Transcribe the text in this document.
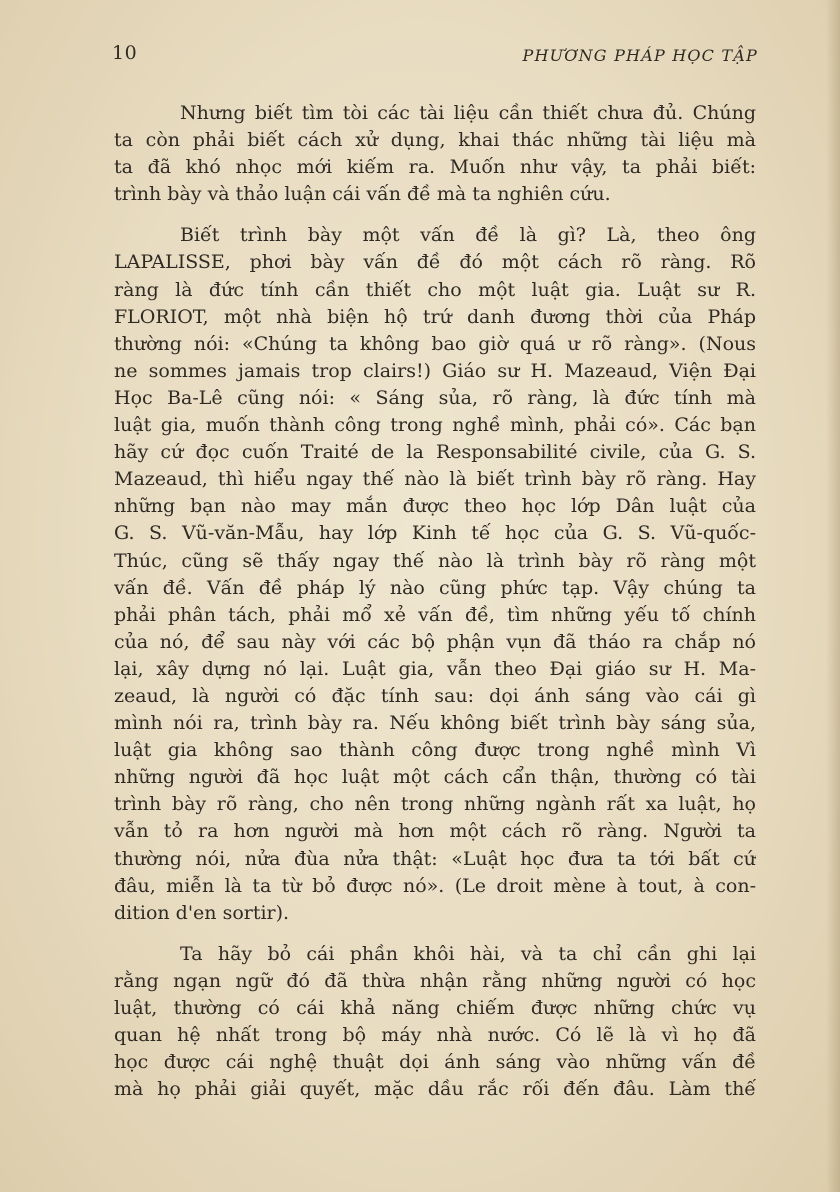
10	PHƯƠNG PHÁP HỌC TẬP
Nhưng biết tìm tòi các tài liệu cần thiết chưa đủ. Chúng
ta còn phải biết cách xử dụng, khai thác những tài liệu mà
ta đã khó nhọc mới kiếm ra. Muốn như vậy, ta phải biết:
trình bày và thảo luận cái vấn đề mà ta nghiên cứu.
Biết trình bày một vấn đề là gì? Là, theo ông
LAPALISSE, phơi bày vấn đề đó một cách rõ ràng. Rõ
ràng là đức tính cần thiết cho một luật gia. Luật sư R.
FLORIOT, một nhà biện hộ trứ danh đương thời của Pháp
thường nói: «Chúng ta không bao giờ quá ư rõ ràng». (Nous
ne sommes jamais trop clairs!) Giáo sư H. Mazeaud, Viện Đại
Học Ba-Lê cũng nói: « Sáng sủa, rõ ràng, là đức tính mà
luật gia, muốn thành công trong nghề mình, phải có». Các bạn
hãy cứ đọc cuốn Traité de la Responsabilité civile, của G. S.
Mazeaud, thì hiểu ngay thế nào là biết trình bày rõ ràng. Hay
những bạn nào may mắn được theo học lớp Dân luật của
G. S. Vũ-văn-Mẫu, hay lớp Kinh tế học của G. S. Vũ-quốc-
Thúc, cũng sẽ thấy ngay thế nào là trình bày rõ ràng một
vấn đề. Vấn đề pháp lý nào cũng phức tạp. Vậy chúng ta
phải phân tách, phải mổ xẻ vấn đề, tìm những yếu tố chính
của nó, để sau này với các bộ phận vụn đã tháo ra chắp nó
lại, xây dựng nó lại. Luật gia, vẫn theo Đại giáo sư H. Ma-
zeaud, là người có đặc tính sau: dọi ánh sáng vào cái gì
mình nói ra, trình bày ra. Nếu không biết trình bày sáng sủa,
luật gia không sao thành công được trong nghề mình Vì
những người đã học luật một cách cẩn thận, thường có tài
trình bày rõ ràng, cho nên trong những ngành rất xa luật, họ
vẫn tỏ ra hơn người mà hơn một cách rõ ràng. Người ta
thường nói, nửa đùa nửa thật: «Luật học đưa ta tới bất cứ
đâu, miễn là ta từ bỏ được nó». (Le droit mène à tout, à con-
dition d'en sortir).
Ta hãy bỏ cái phần khôi hài, và ta chỉ cần ghi lại
rằng ngạn ngữ đó đã thừa nhận rằng những người có học
luật, thường có cái khả năng chiếm được những chức vụ
quan hệ nhất trong bộ máy nhà nước. Có lẽ là vì họ đã
học được cái nghệ thuật dọi ánh sáng vào những vấn đề
mà họ phải giải quyết, mặc dầu rắc rối đến đâu. Làm thế
